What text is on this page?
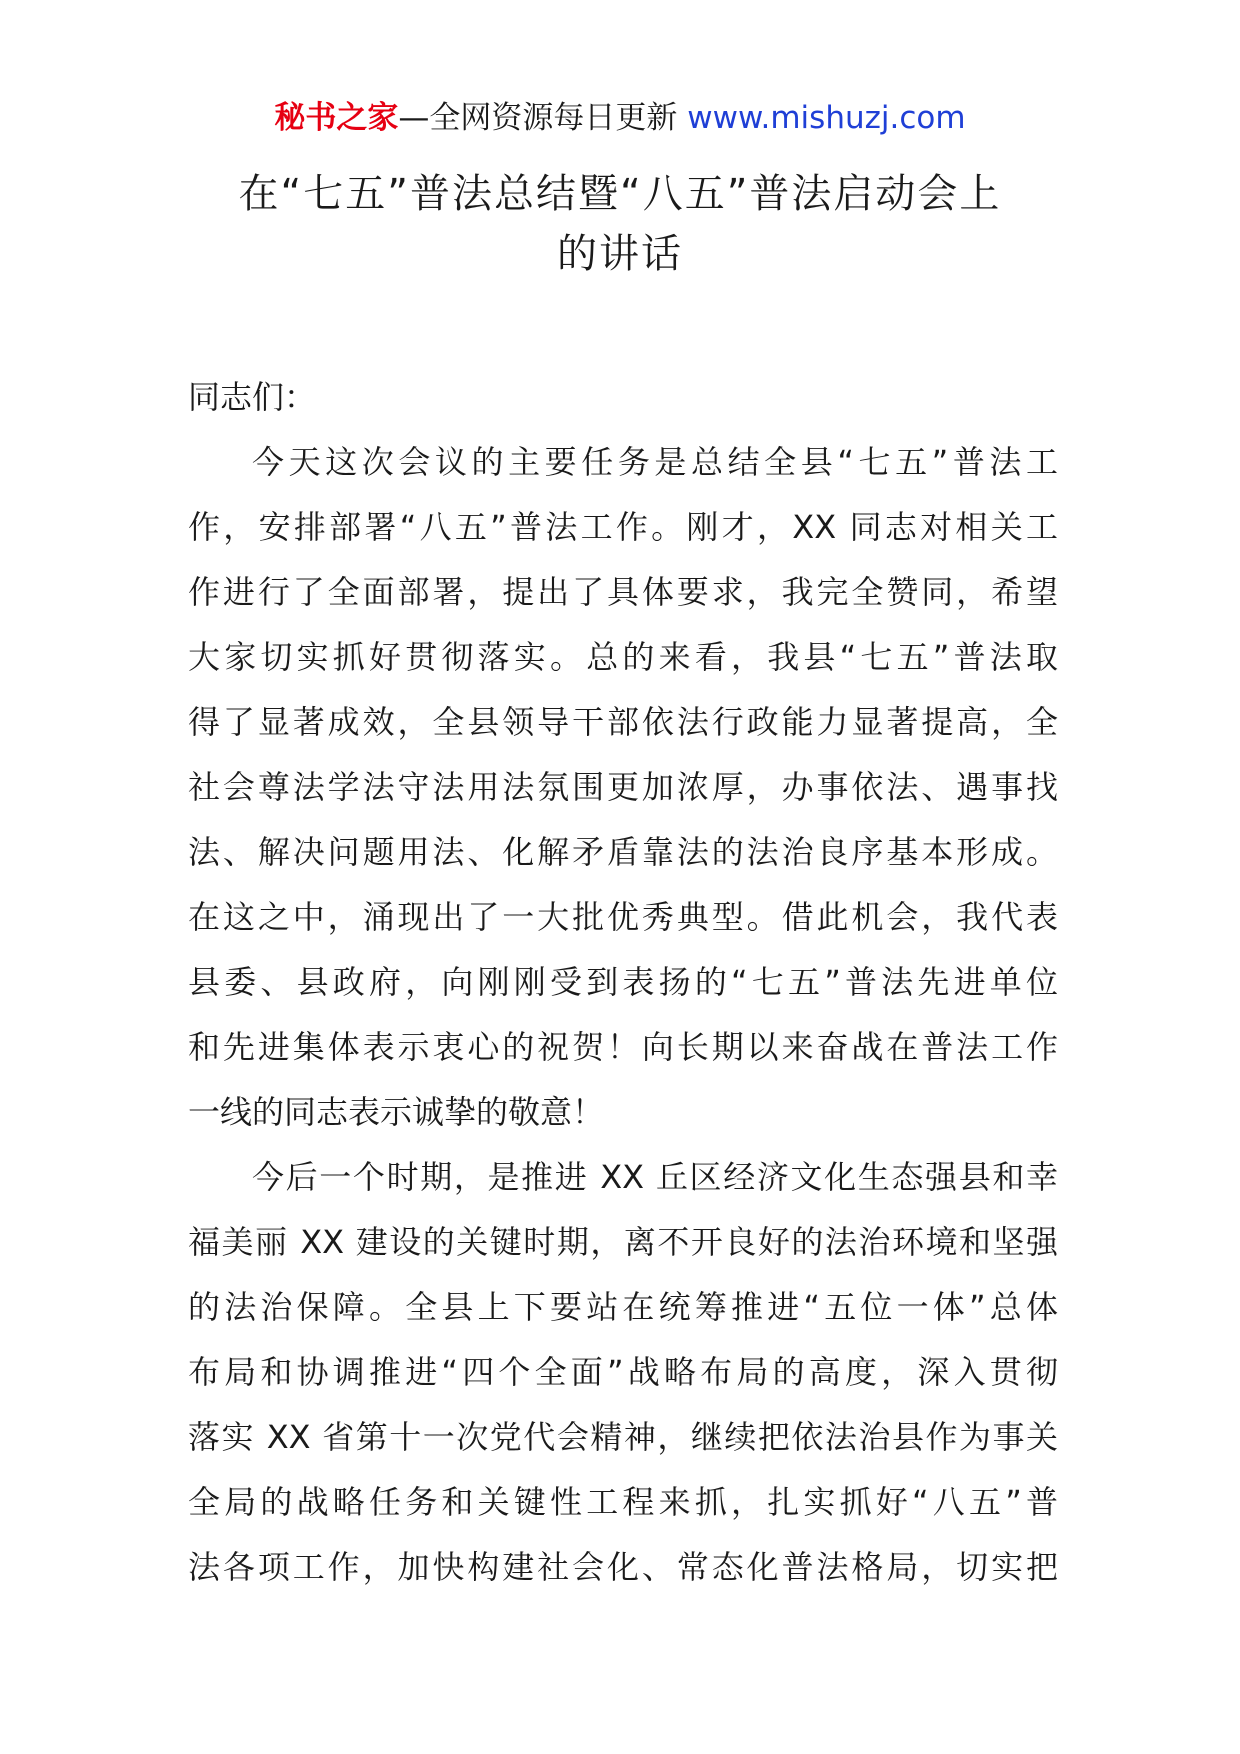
秘书之家—全网资源每日更新 www.mishuzj.com
在“七五”普法总结暨“八五”普法启动会上
的讲话
同志们：
今天这次会议的主要任务是总结全县“七五”普法工
作，安排部署“八五”普法工作。刚才，XX 同志对相关工
作进行了全面部署，提出了具体要求，我完全赞同，希望
大家切实抓好贯彻落实。总的来看，我县“七五”普法取
得了显著成效，全县领导干部依法行政能力显著提高，全
社会尊法学法守法用法氛围更加浓厚，办事依法、遇事找
法、解决问题用法、化解矛盾靠法的法治良序基本形成。
在这之中，涌现出了一大批优秀典型。借此机会，我代表
县委、县政府，向刚刚受到表扬的“七五”普法先进单位
和先进集体表示衷心的祝贺！向长期以来奋战在普法工作
一线的同志表示诚挚的敬意！
今后一个时期，是推进 XX 丘区经济文化生态强县和幸
福美丽 XX 建设的关键时期，离不开良好的法治环境和坚强
的法治保障。全县上下要站在统筹推进“五位一体”总体
布局和协调推进“四个全面”战略布局的高度，深入贯彻
落实 XX 省第十一次党代会精神，继续把依法治县作为事关
全局的战略任务和关键性工程来抓，扎实抓好“八五”普
法各项工作，加快构建社会化、常态化普法格局，切实把
